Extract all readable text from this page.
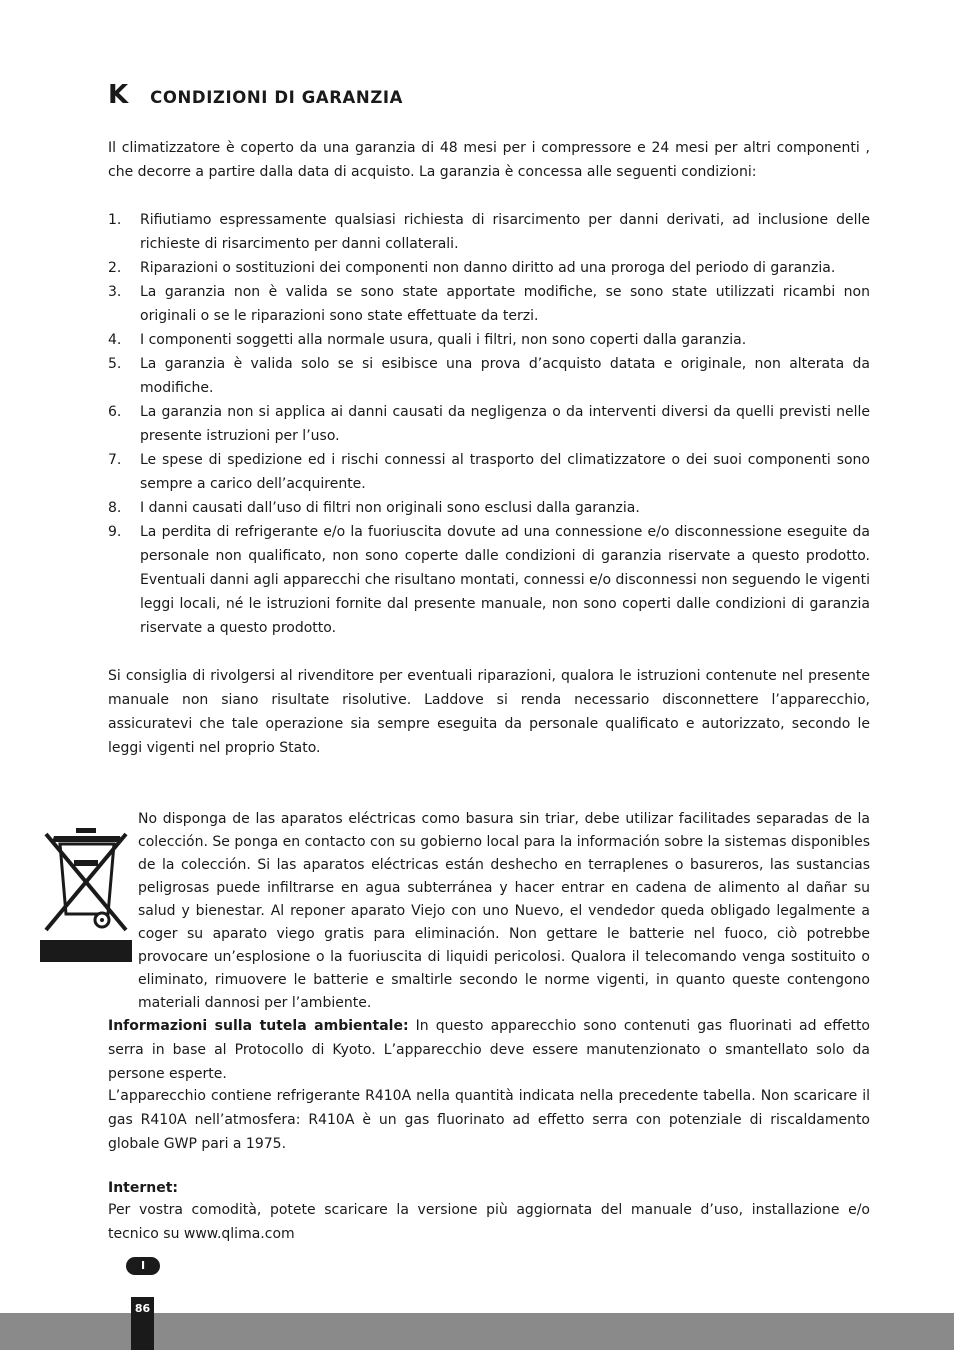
K CONDIZIONI DI GARANZIA

Il climatizzatore è coperto da una garanzia di 48 mesi per i compressore e 24 mesi per altri componenti , che decorre a partire dalla data di acquisto. La garanzia è concessa alle seguenti condizioni:

1.	Rifiutiamo espressamente qualsiasi richiesta di risarcimento per danni derivati, ad inclusione delle richieste di risarcimento per danni collaterali.
2.	Riparazioni o sostituzioni dei componenti non danno diritto ad una proroga del periodo di garanzia.
3.	La garanzia non è valida se sono state apportate modifiche, se sono state utilizzati ricambi non originali o se le riparazioni sono state effettuate da terzi.
4.	I componenti soggetti alla normale usura, quali i filtri, non sono coperti dalla garanzia.
5.	La garanzia è valida solo se si esibisce una prova d’acquisto datata e originale, non alterata da modifiche.
6.	La garanzia non si applica ai danni causati da negligenza o da interventi diversi da quelli previsti nelle presente istruzioni per l’uso.
7.	Le spese di spedizione ed i rischi connessi al trasporto del climatizzatore o dei suoi componenti sono sempre a carico dell’acquirente.
8.	I danni causati dall’uso di filtri non originali sono esclusi dalla garanzia.
9.	La perdita di refrigerante e/o la fuoriuscita dovute ad una connessione e/o disconnessione eseguite da personale non qualificato, non sono coperte dalle condizioni di garanzia riservate a questo prodotto. Eventuali danni agli apparecchi che risultano montati, connessi e/o disconnessi non seguendo le vigenti leggi locali, né le istruzioni fornite dal presente manuale, non sono coperti dalle condizioni di garanzia riservate a questo prodotto.

Si consiglia di rivolgersi al rivenditore per eventuali riparazioni, qualora le istruzioni contenute nel presente manuale non siano risultate risolutive. Laddove si renda necessario disconnettere l’apparecchio, assicuratevi che tale operazione sia sempre eseguita da personale qualificato e autorizzato, secondo le leggi vigenti nel proprio Stato.

No disponga de las aparatos eléctricas como basura sin triar, debe utilizar facilitades separadas de la colección. Se ponga en contacto con su gobierno local para la información sobre la sistemas disponibles de la colección. Si las aparatos eléctricas están deshecho en terraplenes o basureros, las sustancias peligrosas puede infiltrarse en agua subterránea y hacer entrar en cadena de alimento al dañar su salud y bienestar. Al reponer aparato Viejo con uno Nuevo, el vendedor queda obligado legalmente a coger su aparato viego gratis para eliminación. Non gettare le batterie nel fuoco, ciò potrebbe provocare un’esplosione o la fuoriuscita di liquidi pericolosi. Qualora il telecomando venga sostituito o eliminato, rimuovere le batterie e smaltirle secondo le norme vigenti, in quanto queste contengono materiali dannosi per l’ambiente.

Informazioni sulla tutela ambientale: In questo apparecchio sono contenuti gas fluorinati ad effetto serra in base al Protocollo di Kyoto. L’apparecchio deve essere manutenzionato o smantellato solo da persone esperte.

L’apparecchio contiene refrigerante R410A nella quantità indicata nella precedente tabella. Non scaricare il gas R410A nell’atmosfera: R410A è un gas fluorinato ad effetto serra con potenziale di riscaldamento globale GWP pari a 1975.

Internet:

Per vostra comodità, potete scaricare la versione più aggiornata del manuale d’uso, installazione e/o tecnico su www.qlima.com

I
86
